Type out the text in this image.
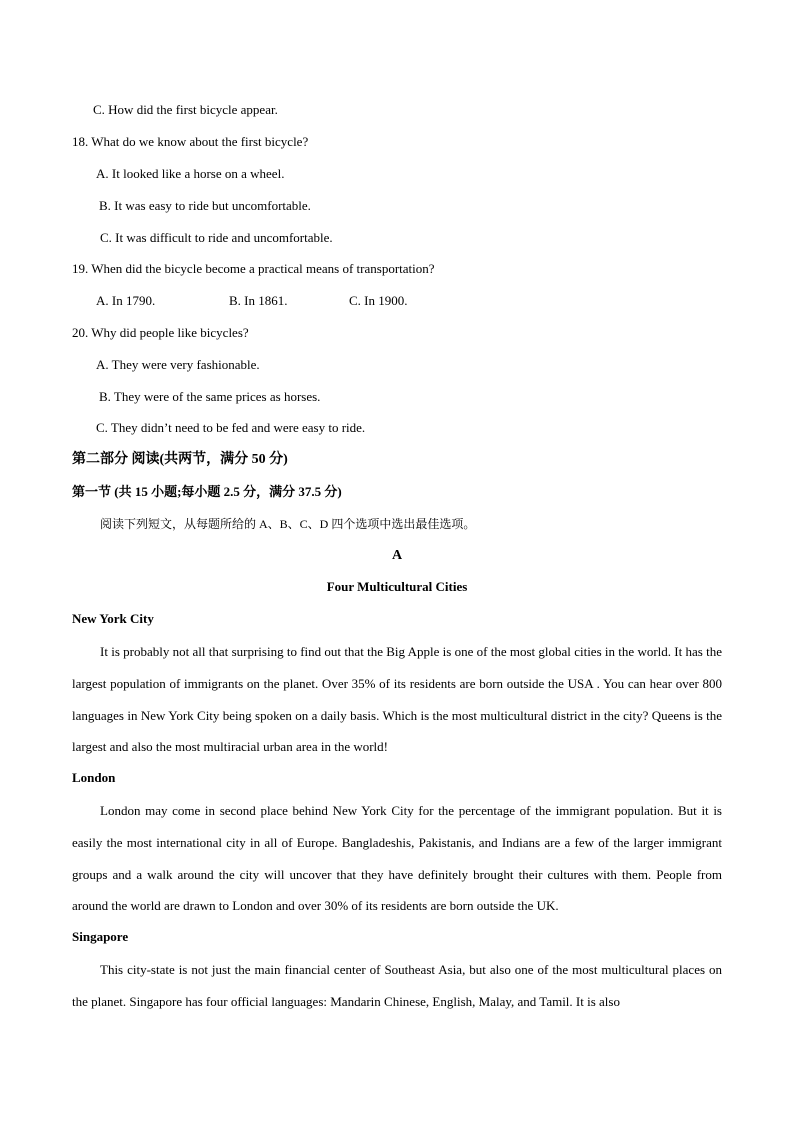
C. How did the first bicycle appear.
18. What do we know about the first bicycle?
A. It looked like a horse on a wheel.
B. It was easy to ride but uncomfortable.
C. It was difficult to ride and uncomfortable.
19. When did the bicycle become a practical means of transportation?
A. In 1790.	B. In 1861.	C. In 1900.
20. Why did people like bicycles?
A. They were very fashionable.
B. They were of the same prices as horses.
C. They didn’t need to be fed and were easy to ride.
第二部分 阅读(共两节，满分 50 分)
第一节 (共 15 小题;每小题 2.5 分，满分 37.5 分)
阅读下列短文，从每题所给的 A、B、C、D 四个选项中选出最佳选项。
A
Four Multicultural Cities
New York City

It is probably not all that surprising to find out that the Big Apple is one of the most global cities in the world. It has the largest population of immigrants on the planet. Over 35% of its residents are born outside the USA . You can hear over 800 languages in New York City being spoken on a daily basis. Which is the most multicultural district in the city? Queens is the largest and also the most multiracial urban area in the world!

London

London may come in second place behind New York City for the percentage of the immigrant population. But it is easily the most international city in all of Europe. Bangladeshis, Pakistanis, and Indians are a few of the larger immigrant groups and a walk around the city will uncover that they have definitely brought their cultures with them. People from around the world are drawn to London and over 30% of its residents are born outside the UK.

Singapore

This city-state is not just the main financial center of Southeast Asia, but also one of the most multicultural places on the planet. Singapore has four official languages: Mandarin Chinese, English, Malay, and Tamil. It is also
